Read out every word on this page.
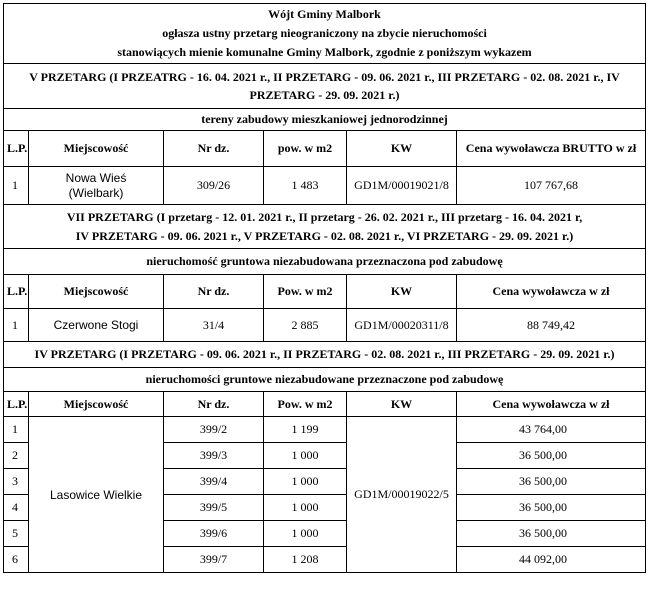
Wójt Gminy Malbork
ogłasza ustny przetarg nieograniczony na zbycie nieruchomości
stanowiących mienie komunalne Gminy Malbork, zgodnie z poniższym wykazem					

V PRZETARG (I PRZEATRG - 16. 04. 2021 r., II PRZETARG - 09. 06. 2021 r., III PRZETARG - 02. 08. 2021 r., IV PRZETARG - 29. 09. 2021 r.)					
tereny zabudowy mieszkaniowej jednorodzinnej					
L.P.	Miejscowość	Nr dz.	pow. w m2	KW	Cena wywoławcza BRUTTO w zł
1	Nowa Wieś
(Wielbark)	309/26	1 483	GD1M/00019021/8	107 767,68

VII PRZETARG (I przetarg - 12. 01. 2021 r., II przetarg - 26. 02. 2021 r., III przetarg - 16. 04. 2021 r,
IV PRZETARG - 09. 06. 2021 r., V PRZETARG - 02. 08. 2021 r., VI PRZETARG - 29. 09. 2021 r.)					

nieruchomość gruntowa niezabudowana przeznaczona pod zabudowę					
L.P.	Miejscowość	Nr dz.	Pow. w m2	KW	Cena wywoławcza w zł
1	Czerwone Stogi	31/4	2 885	GD1M/00020311/8	88 749,42
IV PRZETARG (I PRZETARG - 09. 06. 2021 r., II PRZETARG - 02. 08. 2021 r., III PRZETARG - 29. 09. 2021 r.)					
nieruchomości gruntowe niezabudowane przeznaczone pod zabudowę					
L.P.	Miejscowość	Nr dz.	Pow. w m2	KW	Cena wywoławcza w zł
1	Lasowice Wielkie	399/2	1 199	GD1M/00019022/5	43 764,00
2		399/3	1 000		36 500,00
3		399/4	1 000		36 500,00
4		399/5	1 000		36 500,00
5		399/6	1 000		36 500,00
6		399/7	1 208		44 092,00
